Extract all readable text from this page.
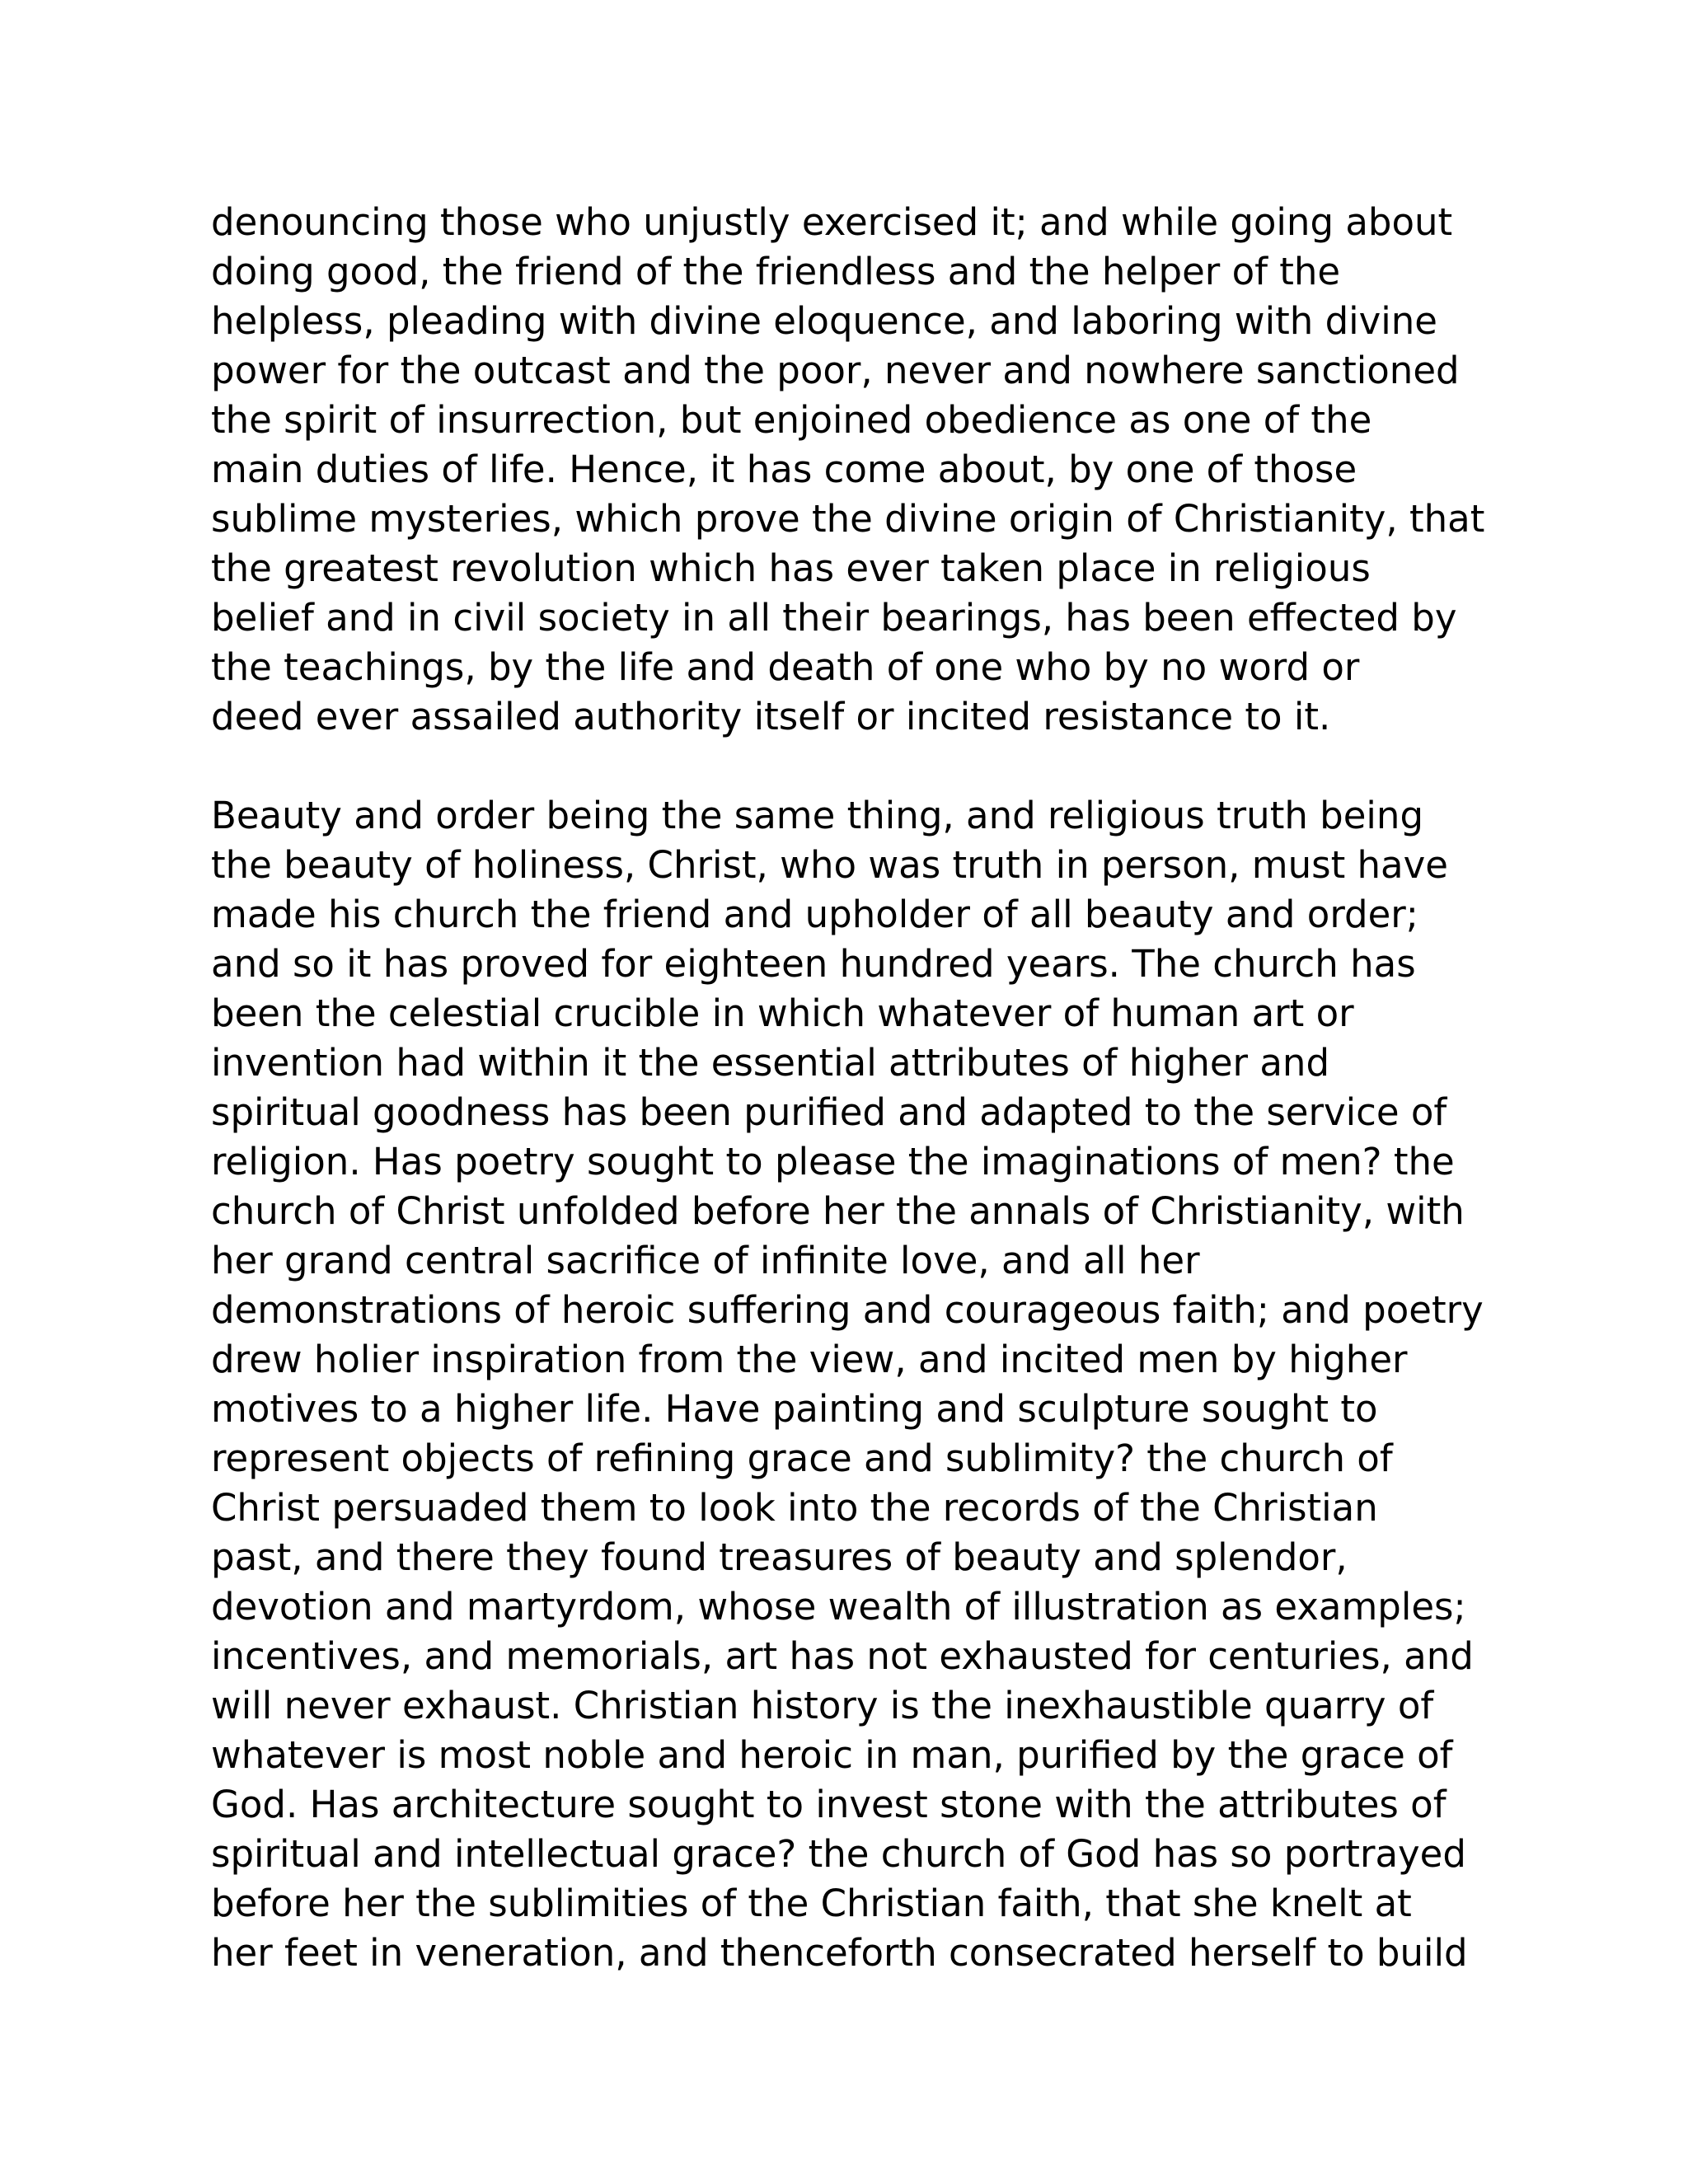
denouncing those who unjustly exercised it; and while going about
doing good, the friend of the friendless and the helper of the
helpless, pleading with divine eloquence, and laboring with divine
power for the outcast and the poor, never and nowhere sanctioned
the spirit of insurrection, but enjoined obedience as one of the
main duties of life. Hence, it has come about, by one of those
sublime mysteries, which prove the divine origin of Christianity, that
the greatest revolution which has ever taken place in religious
belief and in civil society in all their bearings, has been effected by
the teachings, by the life and death of one who by no word or
deed ever assailed authority itself or incited resistance to it.

Beauty and order being the same thing, and religious truth being
the beauty of holiness, Christ, who was truth in person, must have
made his church the friend and upholder of all beauty and order;
and so it has proved for eighteen hundred years. The church has
been the celestial crucible in which whatever of human art or
invention had within it the essential attributes of higher and
spiritual goodness has been purified and adapted to the service of
religion. Has poetry sought to please the imaginations of men? the
church of Christ unfolded before her the annals of Christianity, with
her grand central sacrifice of infinite love, and all her
demonstrations of heroic suffering and courageous faith; and poetry
drew holier inspiration from the view, and incited men by higher
motives to a higher life. Have painting and sculpture sought to
represent objects of refining grace and sublimity? the church of
Christ persuaded them to look into the records of the Christian
past, and there they found treasures of beauty and splendor,
devotion and martyrdom, whose wealth of illustration as examples;
incentives, and memorials, art has not exhausted for centuries, and
will never exhaust. Christian history is the inexhaustible quarry of
whatever is most noble and heroic in man, purified by the grace of
God. Has architecture sought to invest stone with the attributes of
spiritual and intellectual grace? the church of God has so portrayed
before her the sublimities of the Christian faith, that she knelt at
her feet in veneration, and thenceforth consecrated herself to build
